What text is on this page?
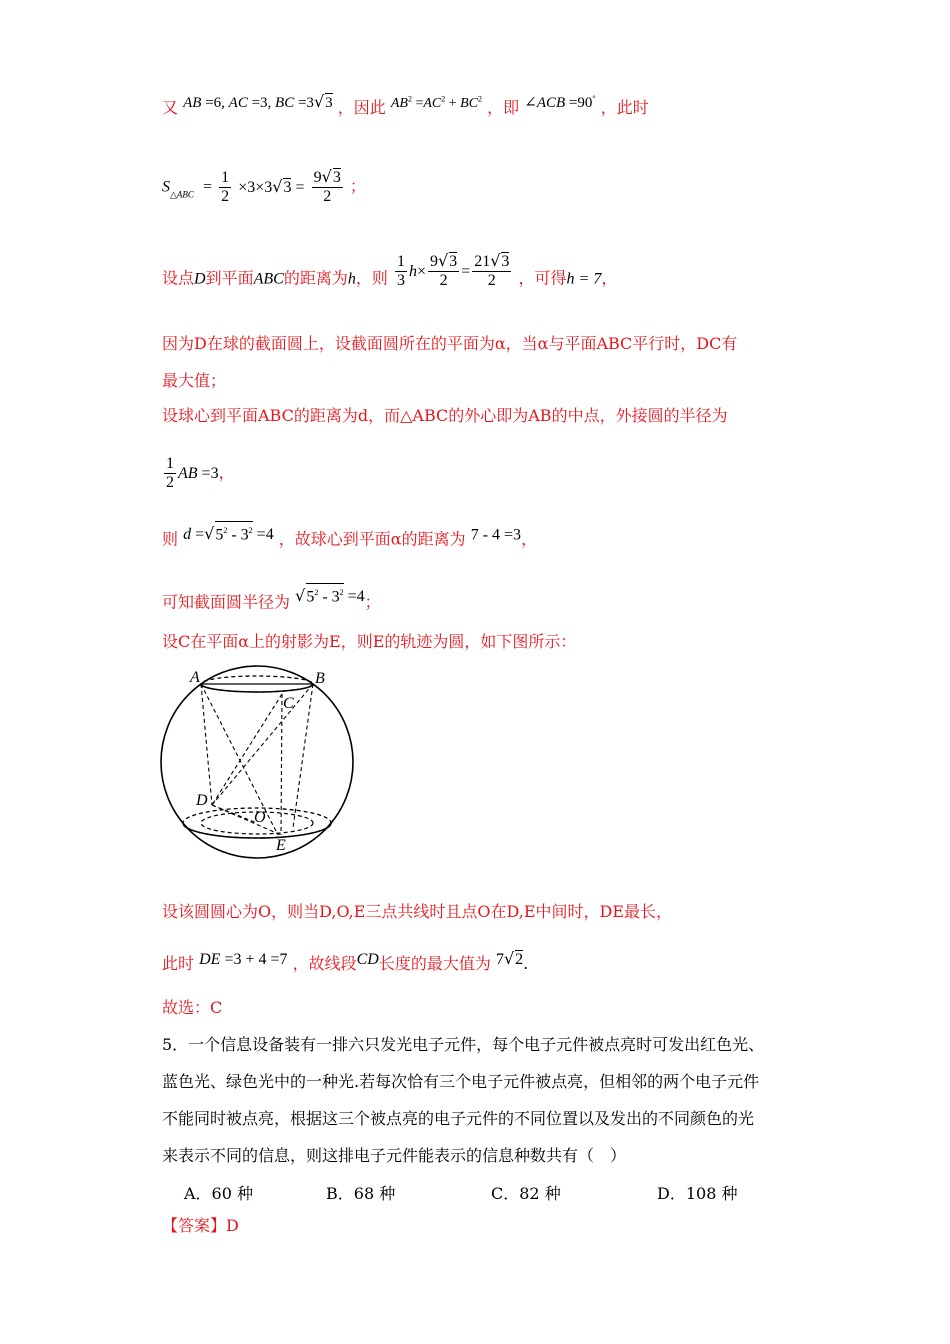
又 AB =6, AC =3, BC =3√3 ，因此 $AB^2 =AC^2 + BC^2$ ，即 ∠ACB =90° ，此时
$S_{\triangle ABC} = \frac{1}{2} \times 3\times 3√3 = \frac{9√3}{2}$ ；
设点D到平面ABC的距离为h，则 $\frac{1}{3} h\times \frac{9√3}{2} = \frac{21√3}{2}$ ，可得h = 7，
因为D在球的截面圆上，设截面圆所在的平面为α，当α与平面ABC平行时，DC有
最大值；
设球心到平面ABC的距离为d，而△ABC的外心即为AB的中点，外接圆的半径为
$\frac{1}{2}$ AB =3，
则 $d =√5^2 - 3^2 =4$ ，故球心到平面α的距离为 7 - 4 =3，
可知截面圆半径为 $√5^2 - 3^2 =4$；
设C在平面α上的射影为E，则E的轨迹为圆，如下图所示：
A	B
C
D
O
E
设该圆圆心为O，则当D,O,E三点共线时且点O在D,E中间时，DE最长，
此时 DE =3 + 4 =7 ，故线段CD长度的最大值为 7√2.
故选：C
5．一个信息设备装有一排六只发光电子元件，每个电子元件被点亮时可发出红色光、
蓝色光、绿色光中的一种光.若每次恰有三个电子元件被点亮，但相邻的两个电子元件
不能同时被点亮，根据这三个被点亮的电子元件的不同位置以及发出的不同颜色的光
来表示不同的信息，则这排电子元件能表示的信息种数共有（　）
A．60 种	B．68 种	C．82 种	D．108 种
【答案】D
